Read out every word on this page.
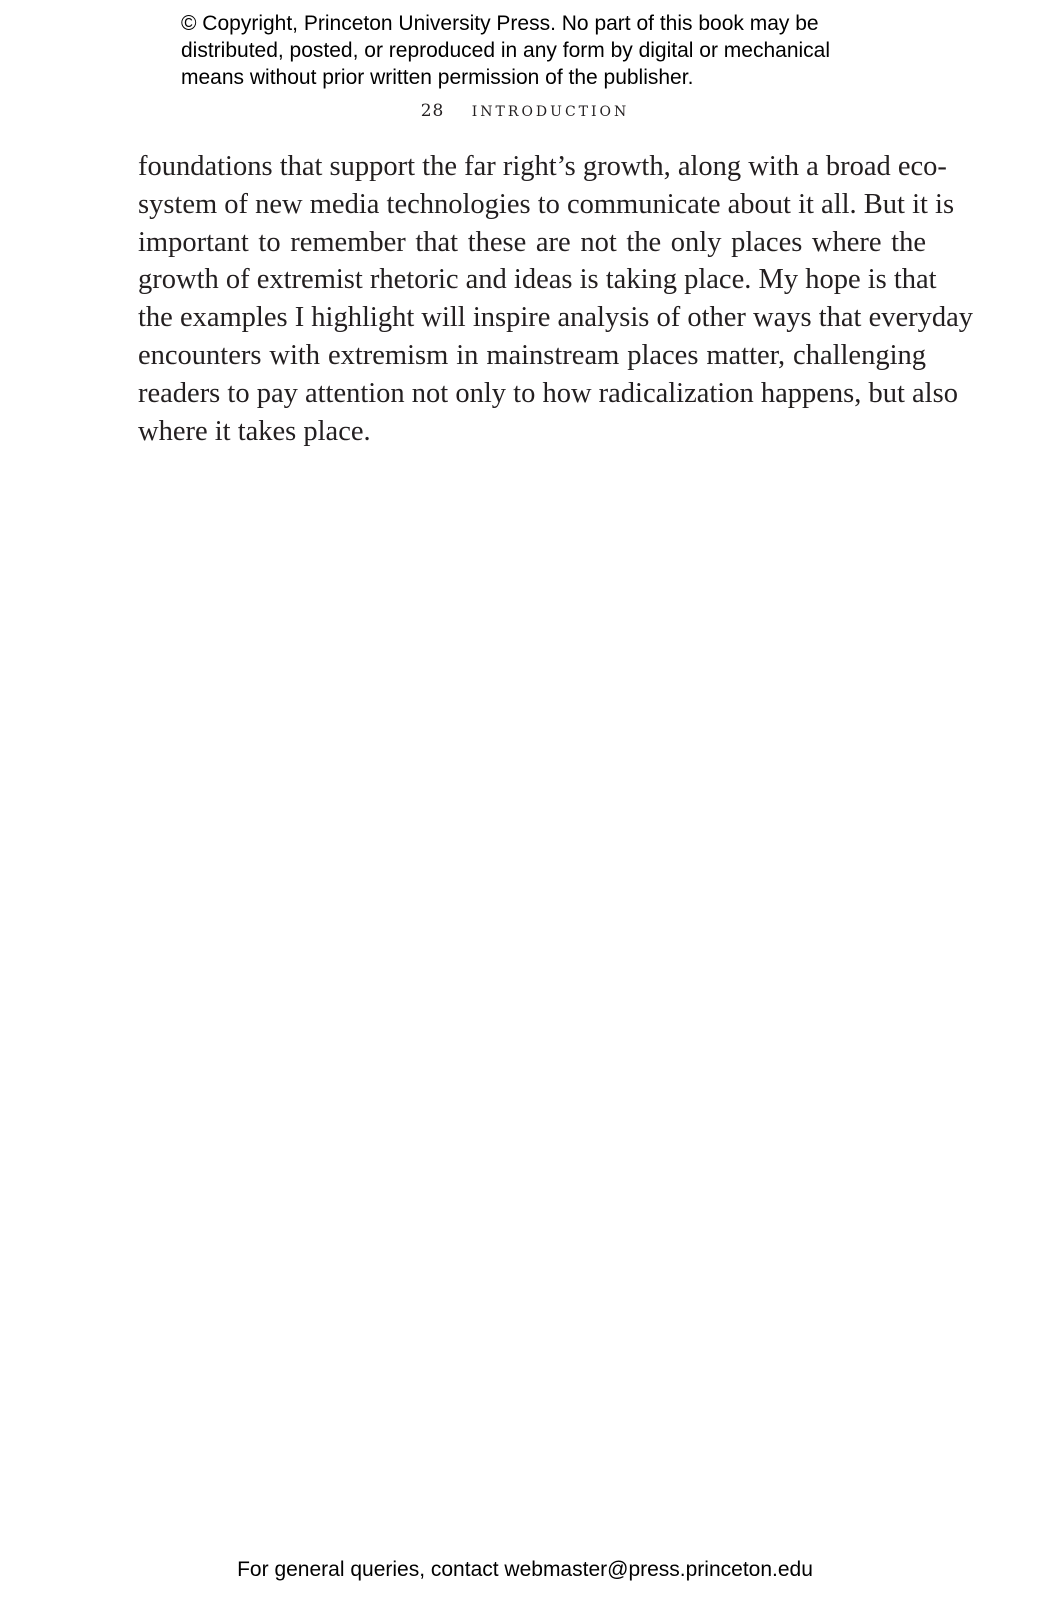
© Copyright, Princeton University Press. No part of this book may be
distributed, posted, or reproduced in any form by digital or mechanical
means without prior written permission of the publisher.
28 INTRODUCTION
foundations that support the far right’s growth, along with a broad eco-
system of new media technologies to communicate about it all. But it is
important to remember that these are not the only places where the
growth of extremist rhetoric and ideas is taking place. My hope is that
the examples I highlight will inspire analysis of other ways that everyday
encounters with extremism in mainstream places matter, challenging
readers to pay attention not only to how radicalization happens, but also
where it takes place.
For general queries, contact webmaster@press.princeton.edu
